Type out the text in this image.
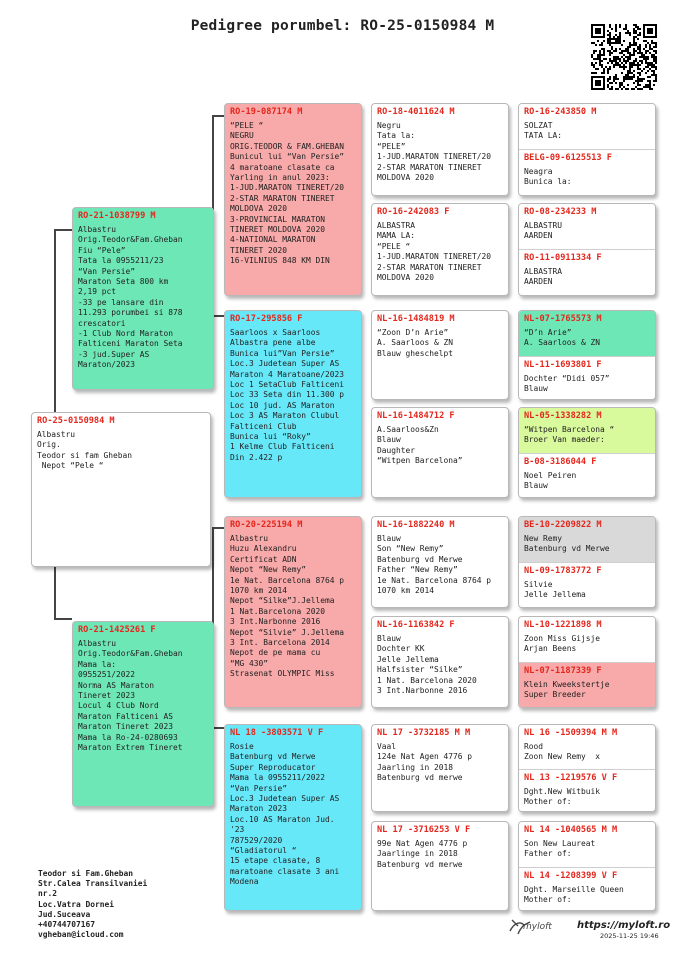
Pedigree porumbel: RO-25-0150984 M
RO-25-0150984 M
Albastru
Orig.
Teodor si fam Gheban
Nepot “Pele “
RO-21-1038799 M
Albastru
Orig.Teodor&Fam.Gheban
Fiu “Pele”
Tata la 0955211/23
“Van Persie”
Maraton Seta 800 km
2,19 pct
-33 pe lansare din
11.293 porumbei si 878
crescatori
-1 Club Nord Maraton
Falticeni Maraton Seta
-3 jud.Super AS
Maraton/2023
RO-21-1425261 F
Albastru
Orig.Teodor&Fam.Gheban
Mama la:
0955251/2022
Norma AS Maraton
Tineret 2023
Locul 4 Club Nord
Maraton Falticeni AS
Maraton Tineret 2023
Mama la Ro-24-0280693
Maraton Extrem Tineret
RO-19-087174 M
“PELE “
NEGRU
ORIG.TEODOR & FAM.GHEBAN
Bunicul lui “Van Persie”
4 maratoane clasate ca
Yarling in anul 2023:
1-JUD.MARATON TINERET/20
2-STAR MARATON TINERET
MOLDOVA 2020
3-PROVINCIAL MARATON
TINERET MOLDOVA 2020
4-NATIONAL MARATON
TINERET 2020
16-VILNIUS 848 KM DIN
RO-17-295856 F
Saarloos x Saarloos
Albastra pene albe
Bunica lui”Van Persie”
Loc.3 Judetean Super AS
Maraton 4 Maratoane/2023
Loc 1 SetaClub Falticeni
Loc 33 Seta din 11.300 p
Loc 10 jud. AS Maraton
Loc 3 AS Maraton Clubul
Falticeni Club
Bunica lui “Roky”
1 Kelme Club Falticeni
Din 2.422 p
RO-20-225194 M
Albastru
Huzu Alexandru
Certificat ADN
Nepot “New Remy”
1e Nat. Barcelona 8764 p
1070 km 2014
Nepot “Silke”J.Jellema
1 Nat.Barcelona 2020
3 Int.Narbonne 2016
Nepot “Silvie” J.Jellema
3 Int. Barcelona 2014
Nepot de pe mama cu
“MG 430”
Strasenat OLYMPIC Miss
NL 18 -3803571 V F
Rosie
Batenburg vd Merwe
Super Reproducator
Mama la 0955211/2022
“Van Persie”
Loc.3 Judetean Super AS
Maraton 2023
Loc.10 AS Maraton Jud.
'23
787529/2020
“Gladiatorul “
15 etape clasate, 8
maratoane clasate 3 ani
Modena
RO-18-4011624 M
Negru
Tata la:
“PELE”
1-JUD.MARATON TINERET/20
2-STAR MARATON TINERET
MOLDOVA 2020
RO-16-242083 F
ALBASTRA
MAMA LA:
“PELE “
1-JUD.MARATON TINERET/20
2-STAR MARATON TINERET
MOLDOVA 2020
NL-16-1484819 M
“Zoon D’n Arie”
A. Saarloos & ZN
Blauw gheschelpt
NL-16-1484712 F
A.Saarloos&Zn
Blauw
Daughter
“Witpen Barcelona”
NL-16-1882240 M
Blauw
Son “New Remy”
Batenburg vd Merwe
Father “New Remy”
1e Nat. Barcelona 8764 p
1070 km 2014
NL-16-1163842 F
Blauw
Dochter KK
Jelle Jellema
Halfsister “Silke”
1 Nat. Barcelona 2020
3 Int.Narbonne 2016
NL 17 -3732185 M M
Vaal
124e Nat Agen 4776 p
Jaarling in 2018
Batenburg vd merwe
NL 17 -3716253 V F
99e Nat Agen 4776 p
Jaarlinge in 2018
Batenburg vd merwe
RO-16-243850 M
SOLZAT
TATA LA:
BELG-09-6125513 F
Neagra
Bunica la:
RO-08-234233 M
ALBASTRU
AARDEN
RO-11-0911334 F
ALBASTRA
AARDEN
NL-07-1765573 M
“D’n Arie”
A. Saarloos & ZN
NL-11-1693801 F
Dochter “Didi 057”
Blauw
NL-05-1338282 M
“Witpen Barcelona “
Broer Van maeder:
B-08-3186044 F
Noel Peiren
Blauw
BE-10-2209822 M
New Remy
Batenburg vd Merwe
NL-09-1783772 F
Silvie
Jelle Jellema
NL-10-1221898 M
Zoon Miss Gijsje
Arjan Beens
NL-07-1187339 F
Klein Kweekstertje
Super Breeder
NL 16 -1509394 M M
Rood
Zoon New Remy  x
NL 13 -1219576 V F
Dght.New Witbuik
Mother of:
NL 14 -1040565 M M
Son New Laureat
Father of:
NL 14 -1208399 V F
Dght. Marseille Queen
Mother of:
Teodor si Fam.Gheban
Str.Calea Transilvaniei
nr.2
Loc.Vatra Dornei
Jud.Suceava
+40744707167
vgheban@icloud.com
myloft	https://myloft.ro
2025-11-25 19:46
